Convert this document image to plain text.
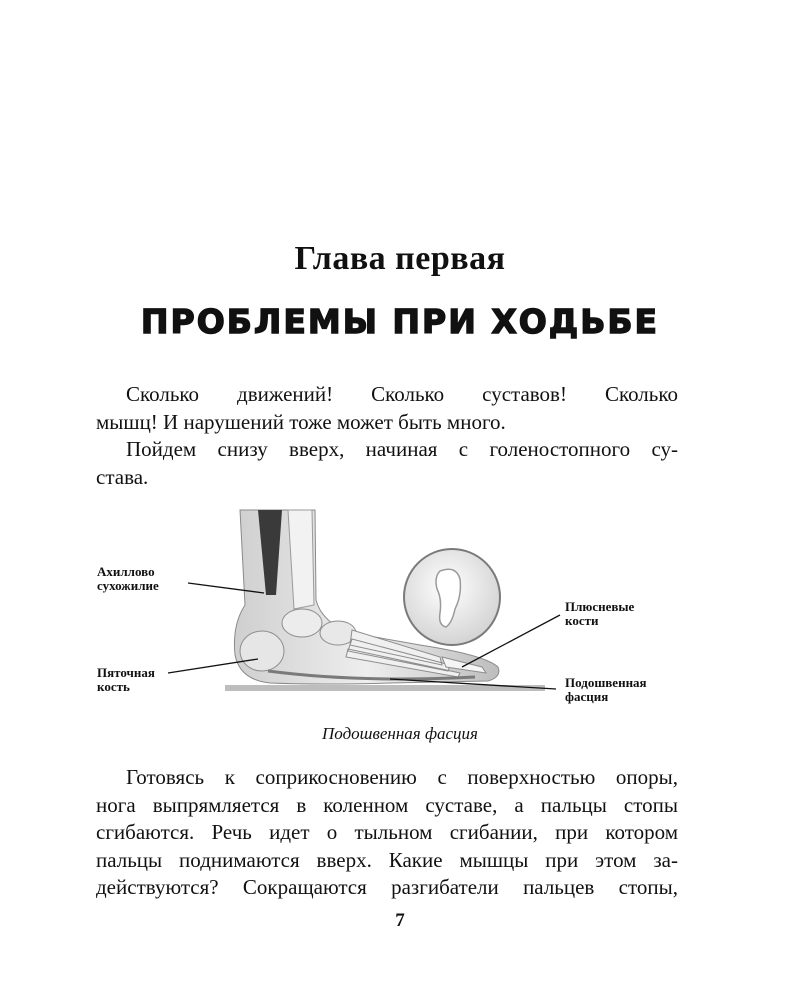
Глава первая
ПРОБЛЕМЫ ПРИ ХОДЬБЕ
Сколько движений! Сколько суставов! Сколько
мышц! И нарушений тоже может быть много.
Пойдем снизу вверх, начиная с голеностопного су-
става.
Ахиллово
сухожилие
Пяточная
кость
Плюсневые
кости
Подошвенная
фасция
Подошвенная фасция
Готовясь к соприкосновению с поверхностью опоры,
нога выпрямляется в коленном суставе, а пальцы стопы
сгибаются. Речь идет о тыльном сгибании, при котором
пальцы поднимаются вверх. Какие мышцы при этом за-
действуются? Сокращаются разгибатели пальцев стопы,
7
